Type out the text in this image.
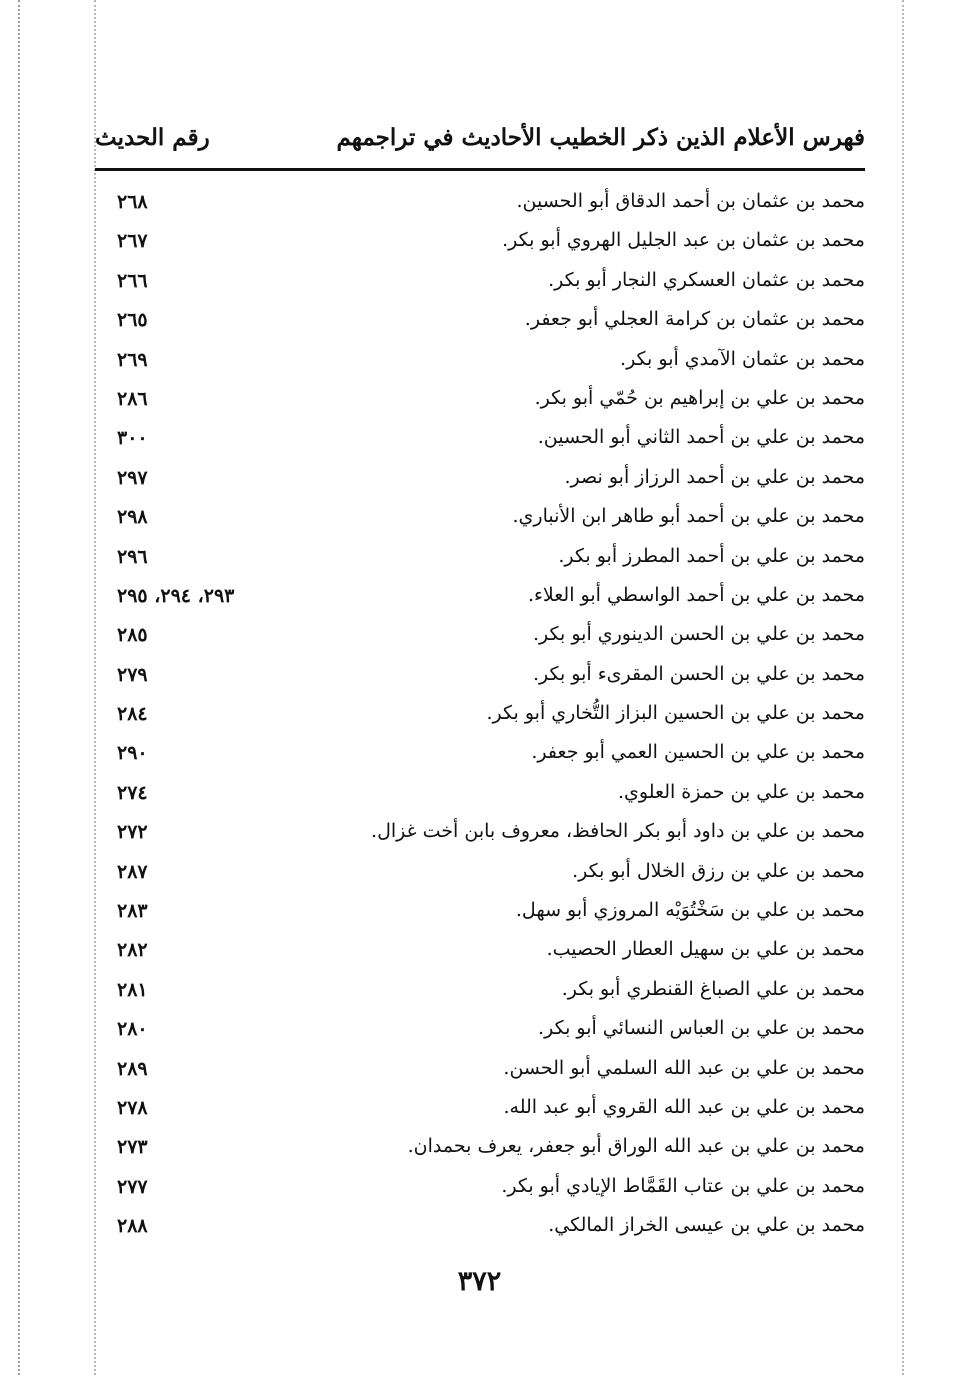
فهرس الأعلام الذين ذكر الخطيب الأحاديث في تراجمهم
رقم الحديث
محمد بن عثمان بن أحمد الدقاق أبو الحسين.
٢٦٨
محمد بن عثمان بن عبد الجليل الهروي أبو بكر.
٢٦٧
محمد بن عثمان العسكري النجار أبو بكر.
٢٦٦
محمد بن عثمان بن كرامة العجلي أبو جعفر.
٢٦٥
محمد بن عثمان الآمدي أبو بكر.
٢٦٩
محمد بن علي بن إبراهيم بن حُمّي أبو بكر.
٢٨٦
محمد بن علي بن أحمد الثاني أبو الحسين.
٣٠٠
محمد بن علي بن أحمد الرزاز أبو نصر.
٢٩٧
محمد بن علي بن أحمد أبو طاهر ابن الأنباري.
٢٩٨
محمد بن علي بن أحمد المطرز أبو بكر.
٢٩٦
محمد بن علي بن أحمد الواسطي أبو العلاء.
٢٩٣، ٢٩٤، ٢٩٥
محمد بن علي بن الحسن الدينوري أبو بكر.
٢٨٥
محمد بن علي بن الحسن المقرىء أبو بكر.
٢٧٩
محمد بن علي بن الحسين البزاز التُّخاري أبو بكر.
٢٨٤
محمد بن علي بن الحسين العمي أبو جعفر.
٢٩٠
محمد بن علي بن حمزة العلوي.
٢٧٤
محمد بن علي بن داود أبو بكر الحافظ، معروف بابن أخت غزال.
٢٧٢
محمد بن علي بن رزق الخلال أبو بكر.
٢٨٧
محمد بن علي بن سَخْتُوَيْه المروزي أبو سهل.
٢٨٣
محمد بن علي بن سهيل العطار الحصيب.
٢٨٢
محمد بن علي الصباغ القنطري أبو بكر.
٢٨١
محمد بن علي بن العباس النسائي أبو بكر.
٢٨٠
محمد بن علي بن عبد الله السلمي أبو الحسن.
٢٨٩
محمد بن علي بن عبد الله القروي أبو عبد الله.
٢٧٨
محمد بن علي بن عبد الله الوراق أبو جعفر، يعرف بحمدان.
٢٧٣
محمد بن علي بن عتاب القَمَّاط الإيادي أبو بكر.
٢٧٧
محمد بن علي بن عيسى الخراز المالكي.
٢٨٨
٣٧٢
